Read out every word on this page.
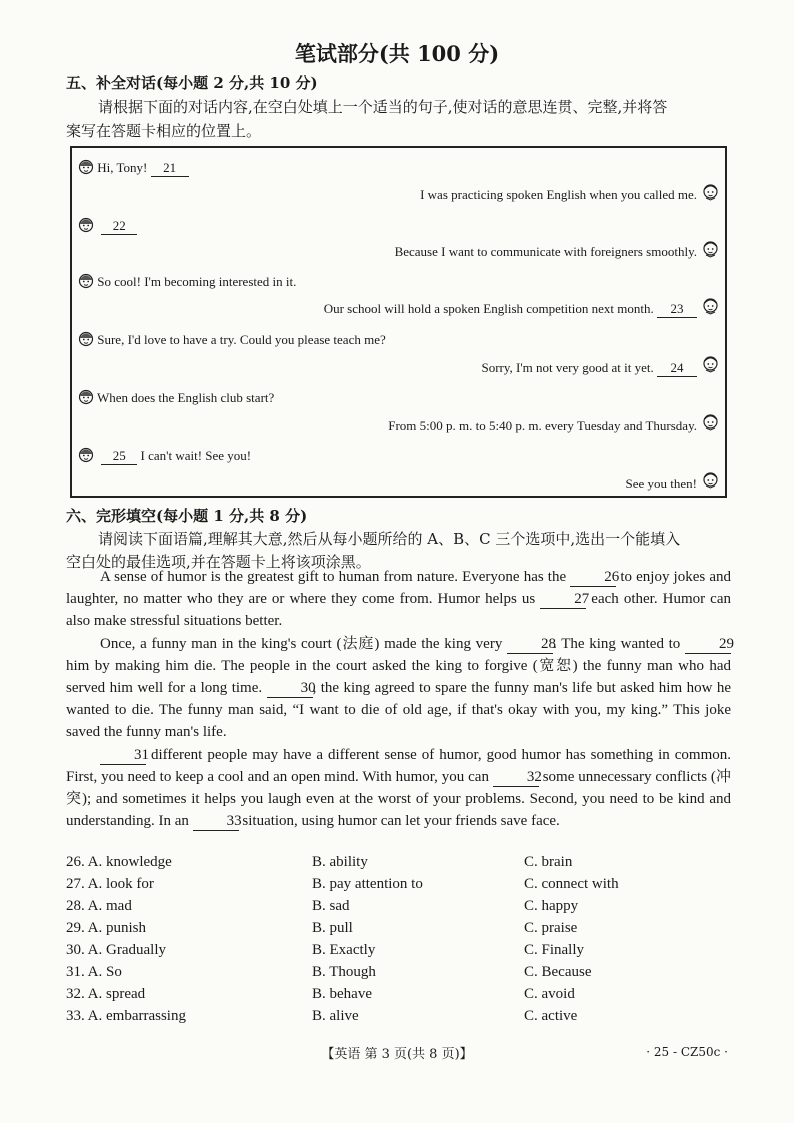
笔试部分(共 100 分)
五、补全对话(每小题 2 分,共 10 分)
请根据下面的对话内容,在空白处填上一个适当的句子,使对话的意思连贯、完整,并将答
案写在答题卡相应的位置上。
Hi, Tony! 21
I was practicing spoken English when you called me.
22
Because I want to communicate with foreigners smoothly.
So cool! I'm becoming interested in it.
Our school will hold a spoken English competition next month. 23
Sure, I'd love to have a try. Could you please teach me?
Sorry, I'm not very good at it yet. 24
When does the English club start?
From 5:00 p. m. to 5:40 p. m. every Tuesday and Thursday.
25 I can't wait! See you!
See you then!
六、完形填空(每小题 1 分,共 8 分)
请阅读下面语篇,理解其大意,然后从每小题所给的 A、B、C 三个选项中,选出一个能填入
空白处的最佳选项,并在答题卡上将该项涂黑。

A sense of humor is the greatest gift to human from nature. Everyone has the	26 to enjoy jokes and laughter, no matter who they are or where they come from. Humor helps us	27 each other. Humor can also make stressful situations better.

Once, a funny man in the king's court (法庭) made the king very	28. The king wanted to	29 him by making him die. The people in the court asked the king to forgive (宽恕) the funny man who had served him well for a long time.	30, the king agreed to spare the funny man's life but asked him how he wanted to die. The funny man said, “I want to die of old age, if that's okay with you, my king.” This joke saved the funny man's life.

31 different people may have a different sense of humor, good humor has something in common. First, you need to keep a cool and an open mind. With humor, you can	32 some unnecessary conflicts (冲突); and sometimes it helps you laugh even at the worst of your problems. Second, you need to be kind and understanding. In an	33 situation, using humor can let your friends save face.

26. A. knowledge	B. ability	C. brain
27. A. look for	B. pay attention to	C. connect with
28. A. mad	B. sad	C. happy
29. A. punish	B. pull	C. praise
30. A. Gradually	B. Exactly	C. Finally
31. A. So	B. Though	C. Because
32. A. spread	B. behave	C. avoid
33. A. embarrassing	B. alive	C. active
【英语 第 3 页(共 8 页)】	· 25 - CZ50c ·
